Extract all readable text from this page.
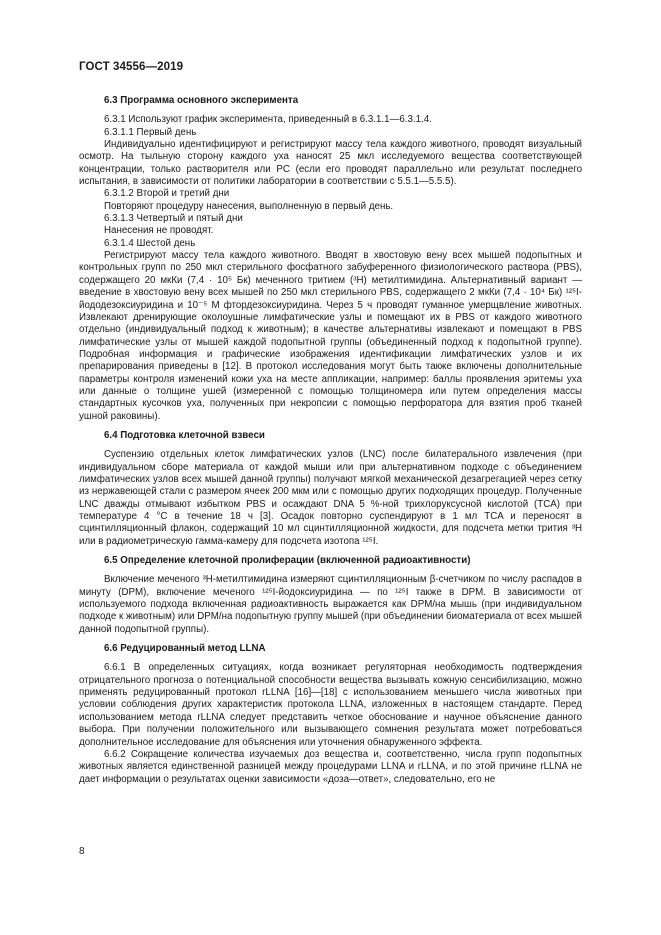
ГОСТ 34556—2019

6.3 Программа основного эксперимента

6.3.1 Используют график эксперимента, приведенный в 6.3.1.1—6.3.1.4.

6.3.1.1 Первый день

Индивидуально идентифицируют и регистрируют массу тела каждого животного, проводят визуальный осмотр. На тыльную сторону каждого уха наносят 25 мкл исследуемого вещества соответствующей концентрации, только растворителя или PC (если его проводят параллельно или результат последнего испытания, в зависимости от политики лаборатории в соответствии с 5.5.1—5.5.5).

6.3.1.2 Второй и третий дни

Повторяют процедуру нанесения, выполненную в первый день.

6.3.1.3 Четвертый и пятый дни

Нанесения не проводят.

6.3.1.4 Шестой день

Регистрируют массу тела каждого животного. Вводят в хвостовую вену всех мышей подопытных и контрольных групп по 250 мкл стерильного фосфатного забуференного физиологического раствора (PBS), содержащего 20 мкКи (7,4 · 10⁵ Бк) меченного тритием (³H) метилтимидина. Альтернативный вариант — введение в хвостовую вену всех мышей по 250 мкл стерильного PBS, содержащего 2 мкКи (7,4 · 10⁴ Бк) ¹²⁵I-йододезоксиуридина и 10⁻⁵ М фтордезоксиуридина. Через 5 ч проводят гуманное умерщвление животных. Извлекают дренирующие околоушные лимфатические узлы и помещают их в PBS от каждого животного отдельно (индивидуальный подход к животным); в качестве альтернативы извлекают и помещают в PBS лимфатические узлы от мышей каждой подопытной группы (объединенный подход к подопытной группе). Подробная информация и графические изображения идентификации лимфатических узлов и их препарирования приведены в [12]. В протокол исследования могут быть также включены дополнительные параметры контроля изменений кожи уха на месте аппликации, например: баллы проявления эритемы уха или данные о толщине ушей (измеренной с помощью толщиномера или путем определения массы стандартных кусочков уха, полученных при некропсии с помощью перфоратора для взятия проб тканей ушной раковины).

6.4 Подготовка клеточной взвеси

Суспензию отдельных клеток лимфатических узлов (LNC) после билатерального извлечения (при индивидуальном сборе материала от каждой мыши или при альтернативном подходе с объединением лимфатических узлов всех мышей данной группы) получают мягкой механической дезагрегацией через сетку из нержавеющей стали с размером ячеек 200 мкм или с помощью других подходящих процедур. Полученные LNC дважды отмывают избытком PBS и осаждают DNA 5 %-ной трихлоруксусной кислотой (TCA) при температуре 4 °C в течение 18 ч [3]. Осадок повторно суспендируют в 1 мл TCA и переносят в сцинтилляционный флакон, содержащий 10 мл сцинтилляционной жидкости, для подсчета метки трития ³H или в радиометрическую гамма-камеру для подсчета изотопа ¹²⁵I.

6.5 Определение клеточной пролиферации (включенной радиоактивности)

Включение меченого ³H-метилтимидина измеряют сцинтилляционным β-счетчиком по числу распадов в минуту (DPM), включение меченого ¹²⁵I-йодоксиуридина — по ¹²⁵I также в DPM. В зависимости от используемого подхода включенная радиоактивность выражается как DPM/на мышь (при индивидуальном подходе к животным) или DPM/на подопытную группу мышей (при объединении биоматериала от всех мышей данной подопытной группы).

6.6 Редуцированный метод LLNA

6.6.1 В определенных ситуациях, когда возникает регуляторная необходимость подтверждения отрицательного прогноза о потенциальной способности вещества вызывать кожную сенсибилизацию, можно применять редуцированный протокол rLLNA [16]—[18] с использованием меньшего числа животных при условии соблюдения других характеристик протокола LLNA, изложенных в настоящем стандарте. Перед использованием метода rLLNA следует представить четкое обоснование и научное объяснение данного выбора. При получении положительного или вызывающего сомнения результата может потребоваться дополнительное исследование для объяснения или уточнения обнаруженного эффекта.

6.6.2 Сокращение количества изучаемых доз вещества и, соответственно, числа групп подопытных животных является единственной разницей между процедурами LLNA и rLLNA, и по этой причине rLLNA не дает информации о результатах оценки зависимости «доза—ответ», следовательно, его не

8
